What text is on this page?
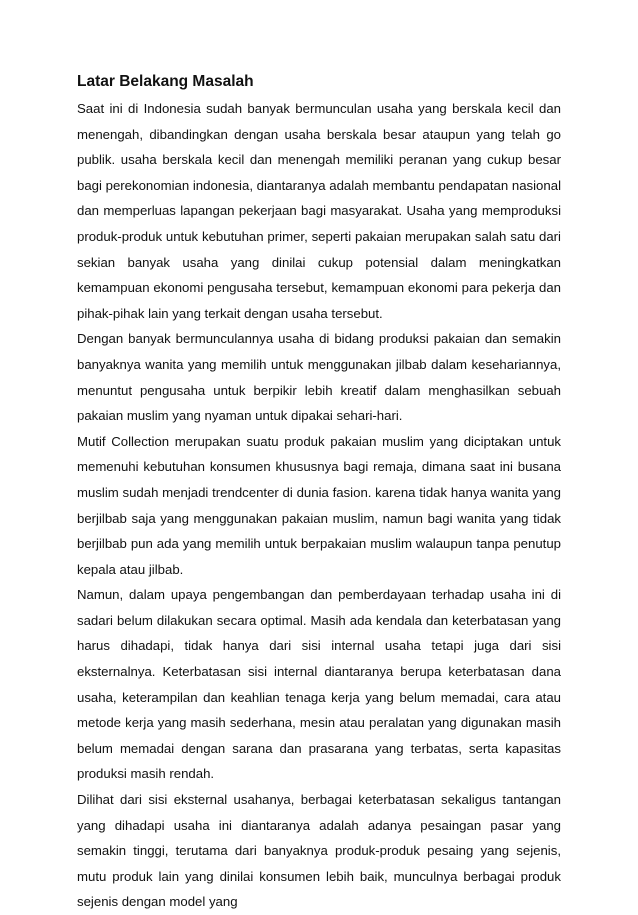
Latar Belakang Masalah

Saat ini di Indonesia sudah banyak bermunculan usaha yang berskala kecil dan menengah, dibandingkan dengan usaha berskala besar ataupun yang telah go publik. usaha berskala kecil dan menengah memiliki peranan yang cukup besar bagi perekonomian indonesia, diantaranya adalah membantu pendapatan nasional dan memperluas lapangan pekerjaan bagi masyarakat. Usaha yang memproduksi produk-produk untuk kebutuhan primer, seperti pakaian merupakan salah satu dari sekian banyak usaha yang dinilai cukup potensial dalam meningkatkan kemampuan ekonomi pengusaha tersebut, kemampuan ekonomi para pekerja dan pihak-pihak lain yang terkait dengan usaha tersebut.

Dengan banyak bermunculannya usaha di bidang produksi pakaian dan semakin banyaknya wanita yang memilih untuk menggunakan jilbab dalam kesehariannya, menuntut pengusaha untuk berpikir lebih kreatif dalam menghasilkan sebuah pakaian muslim yang nyaman untuk dipakai sehari-hari.

Mutif Collection merupakan suatu produk pakaian muslim yang diciptakan untuk memenuhi kebutuhan konsumen khususnya bagi remaja, dimana saat ini busana muslim sudah menjadi trendcenter di dunia fasion. karena tidak hanya wanita yang berjilbab saja yang menggunakan pakaian muslim, namun bagi wanita yang tidak berjilbab pun ada yang memilih untuk berpakaian muslim walaupun tanpa penutup kepala atau jilbab.

Namun, dalam upaya pengembangan dan pemberdayaan terhadap usaha ini di sadari belum dilakukan secara optimal. Masih ada kendala dan keterbatasan yang harus dihadapi, tidak hanya dari sisi internal usaha tetapi juga dari sisi eksternalnya. Keterbatasan sisi internal diantaranya berupa keterbatasan dana usaha, keterampilan dan keahlian tenaga kerja yang belum memadai, cara atau metode kerja yang masih sederhana, mesin atau peralatan yang digunakan masih belum memadai dengan sarana dan prasarana yang terbatas, serta kapasitas produksi masih rendah.

Dilihat dari sisi eksternal usahanya, berbagai keterbatasan sekaligus tantangan yang dihadapi usaha ini diantaranya adalah adanya pesaingan pasar yang semakin tinggi, terutama dari banyaknya produk-produk pesaing yang sejenis, mutu produk lain yang dinilai konsumen lebih baik, munculnya berbagai produk sejenis dengan model yang
